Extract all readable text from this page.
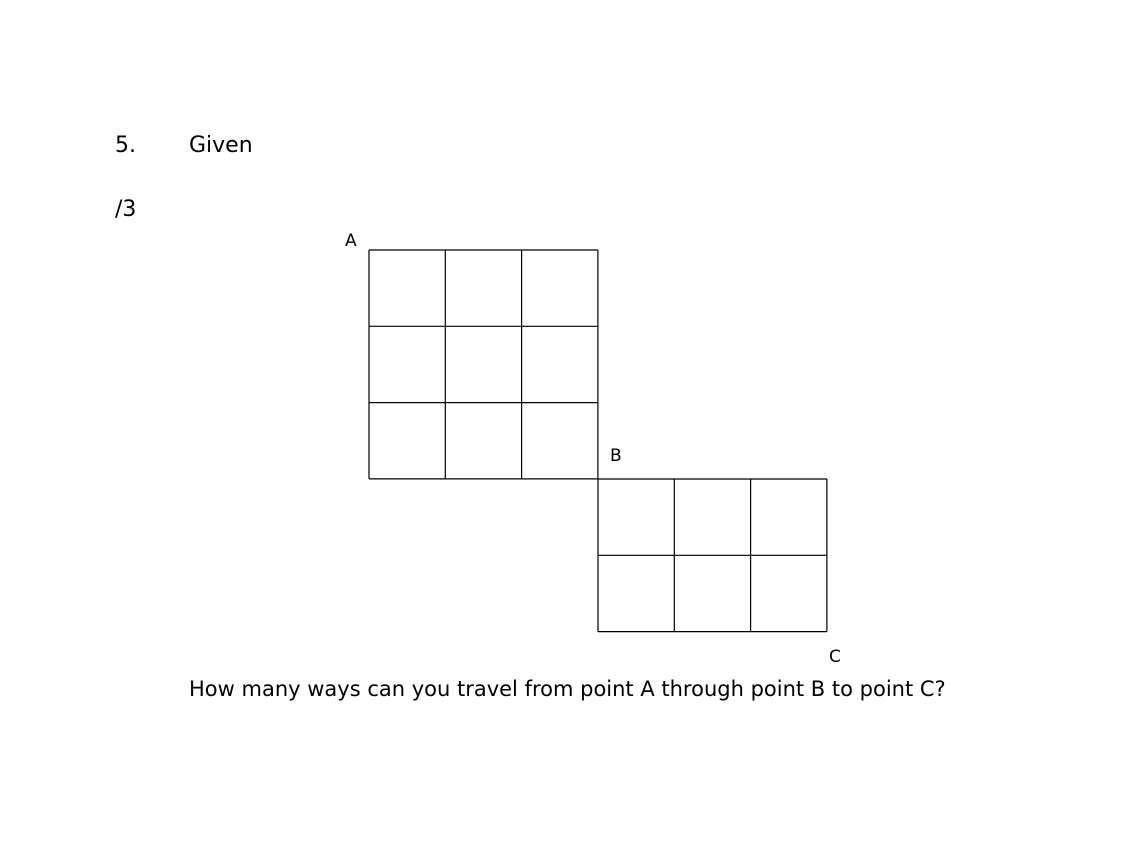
5. Given
/3
A
B
C
How many ways can you travel from point A through point B to point C?
